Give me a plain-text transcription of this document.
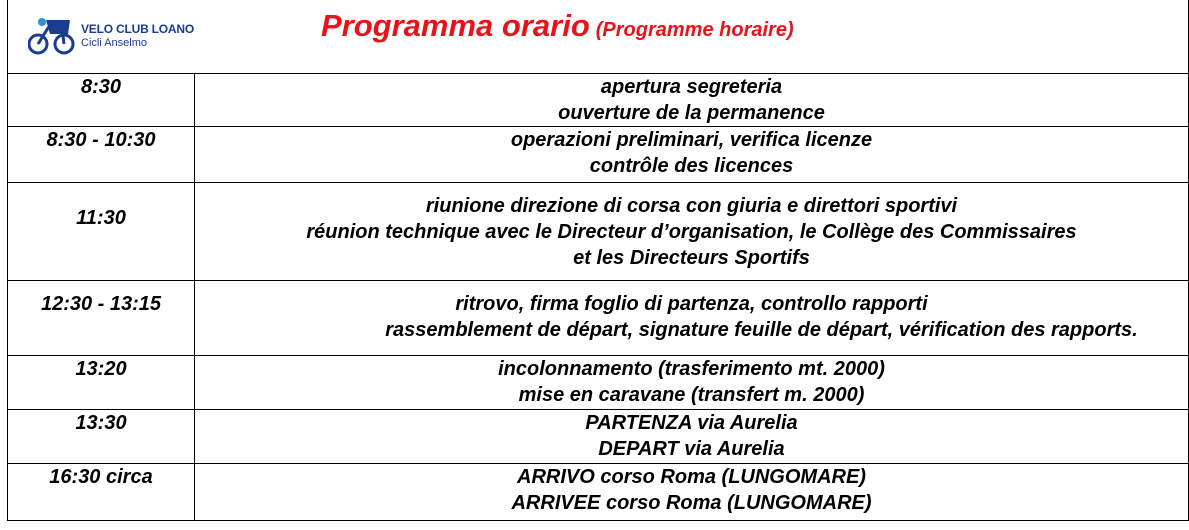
VELO CLUB LOANO
Cicli Anselmo	Programma orario (Programme horaire)
8:30	apertura segreteria
ouverture de la permanence

8:30 - 10:30	operazioni preliminari, verifica licenze
contrôle des licences

11:30	riunione direzione di corsa con giuria e direttori sportivi
réunion technique avec le Directeur d’organisation, le Collège des Commissaires
et les Directeurs Sportifs

12:30 - 13:15	ritrovo, firma foglio di partenza, controllo rapporti
rassemblement de départ, signature feuille de départ, vérification des rapports.

13:20	incolonnamento (trasferimento mt. 2000)
mise en caravane (transfert m. 2000)

13:30	PARTENZA via Aurelia
DEPART via Aurelia

16:30 circa	ARRIVO corso Roma (LUNGOMARE)
ARRIVEE corso Roma (LUNGOMARE)
